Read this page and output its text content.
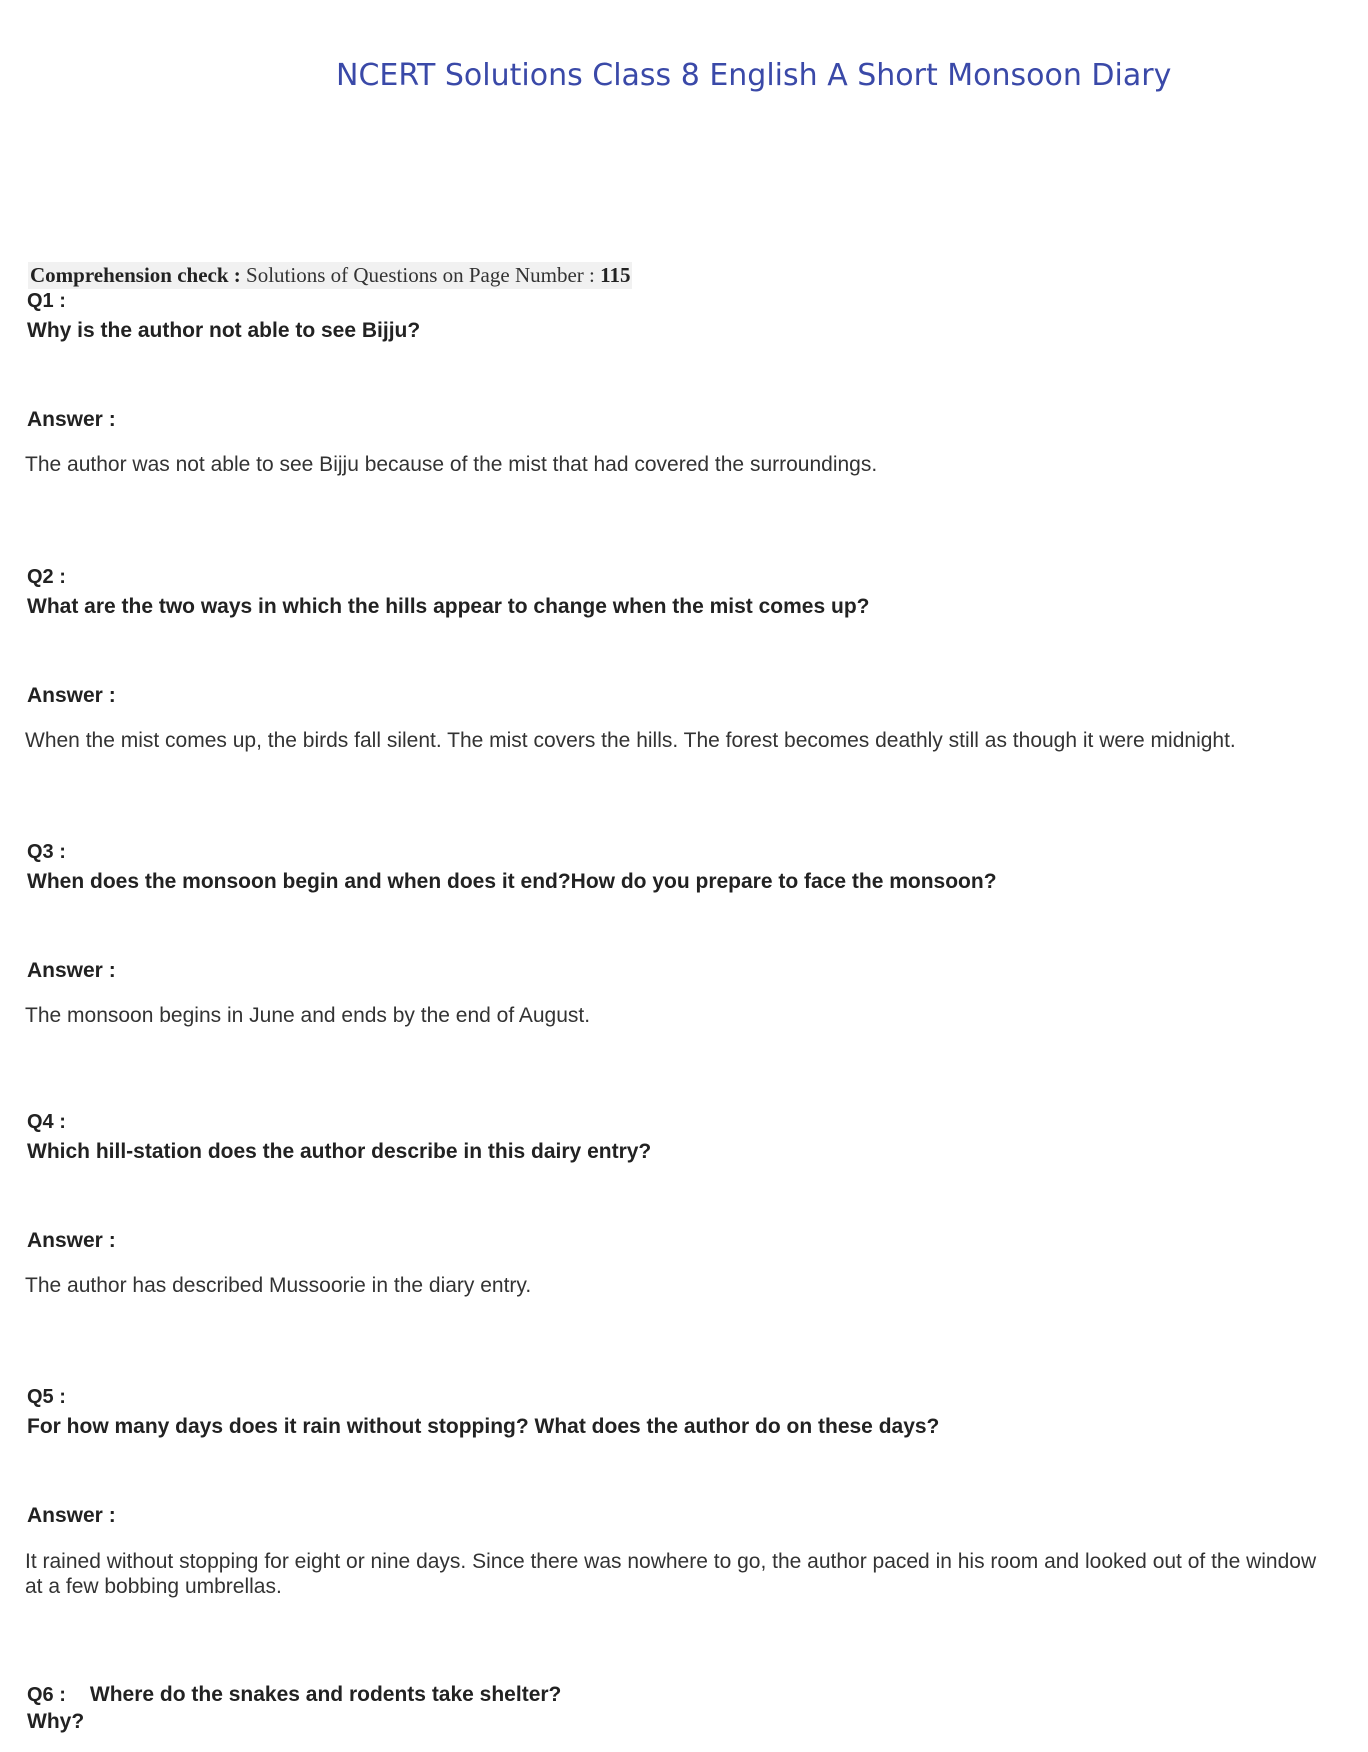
NCERT Solutions Class 8 English A Short Monsoon Diary
Comprehension check : Solutions of Questions on Page Number : 115
Q1 :
Why is the author not able to see Bijju?
Answer :
The author was not able to see Bijju because of the mist that had covered the surroundings.
Q2 :
What are the two ways in which the hills appear to change when the mist comes up?
Answer :
When the mist comes up, the birds fall silent. The mist covers the hills. The forest becomes deathly still as though it were midnight.
Q3 :
When does the monsoon begin and when does it end?How do you prepare to face the monsoon?
Answer :
The monsoon begins in June and ends by the end of August.
Q4 :
Which hill-station does the author describe in this dairy entry?
Answer :
The author has described Mussoorie in the diary entry.
Q5 :
For how many days does it rain without stopping? What does the author do on these days?
Answer :
It rained without stopping for eight or nine days. Since there was nowhere to go, the author paced in his room and looked out of the window at a few bobbing umbrellas.
Q6 : Where do the snakes and rodents take shelter?
Why?
